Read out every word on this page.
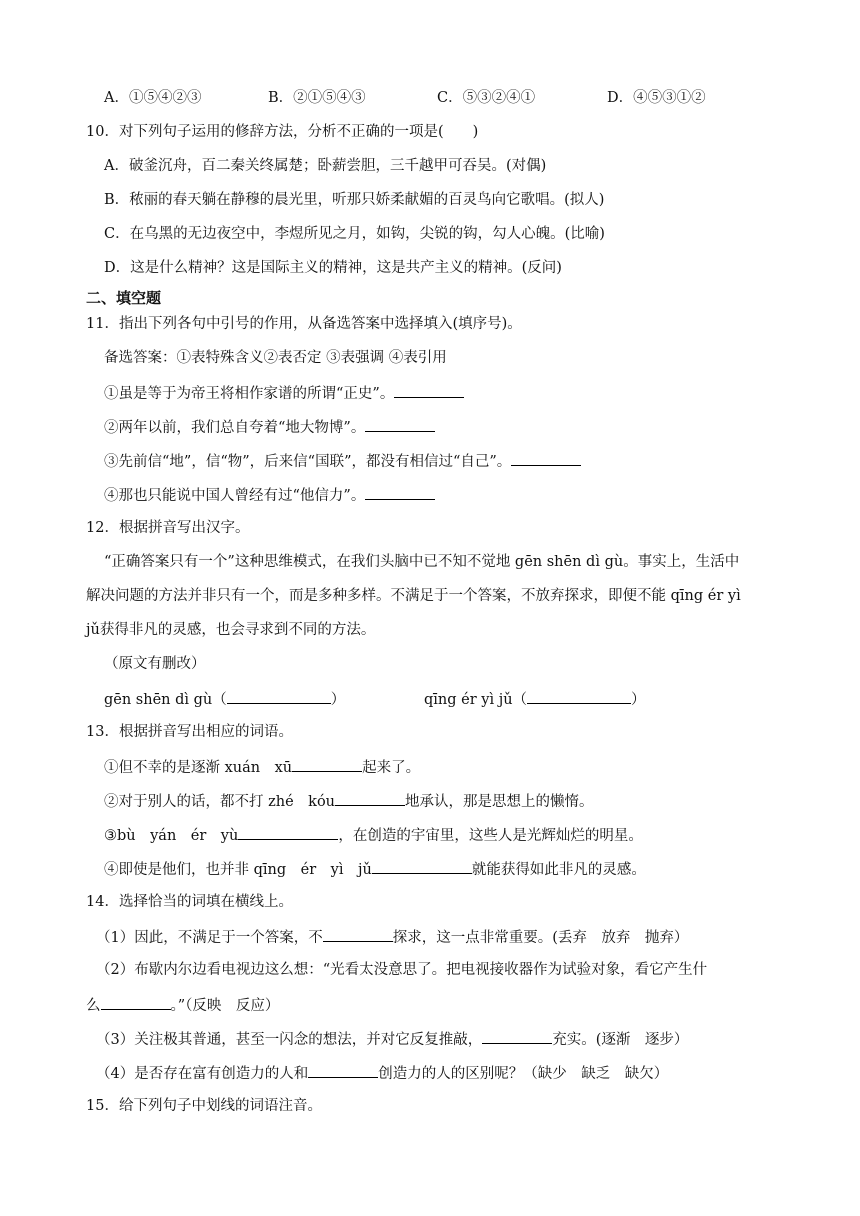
A．①⑤④②③	B．②①⑤④③	C．⑤③②④①	D．④⑤③①②
10．对下列句子运用的修辞方法，分析不正确的一项是(　　)
A．破釜沉舟，百二秦关终属楚；卧薪尝胆，三千越甲可吞吴。(对偶)
B．秾丽的春天躺在静穆的晨光里，听那只娇柔献媚的百灵鸟向它歌唱。(拟人)
C．在乌黑的无边夜空中，李煜所见之月，如钩，尖锐的钩，勾人心魄。(比喻)
D．这是什么精神？这是国际主义的精神，这是共产主义的精神。(反问)
二、填空题
11．指出下列各句中引号的作用，从备选答案中选择填入(填序号)。
备选答案：①表特殊含义②表否定 ③表强调 ④表引用
①虽是等于为帝王将相作家谱的所谓“正史”。
②两年以前，我们总自夸着“地大物博”。
③先前信“地”，信“物”，后来信“国联”，都没有相信过“自己”。
④那也只能说中国人曾经有过“他信力”。
12．根据拼音写出汉字。
“正确答案只有一个”这种思维模式，在我们头脑中已不知不觉地 gēn shēn dì gù。事实上，生活中
解决问题的方法并非只有一个，而是多种多样。不满足于一个答案，不放弃探求，即便不能 qīng ér yì
jǔ获得非凡的灵感，也会寻求到不同的方法。
（原文有删改）
gēn shēn dì gù（	）	qīng ér yì jǔ（	）
13．根据拼音写出相应的词语。
①但不幸的是逐渐 xuán　xū	起来了。
②对于别人的话，都不打 zhé　kóu	地承认，那是思想上的懒惰。
③bù　yán　ér　yù	，在创造的宇宙里，这些人是光辉灿烂的明星。
④即使是他们，也并非 qīng　ér　yì　jǔ	就能获得如此非凡的灵感。
14．选择恰当的词填在横线上。
（1）因此，不满足于一个答案，不	探求，这一点非常重要。(丢弃　放弃　抛弃）
（2）布歇内尔边看电视边这么想：“光看太没意思了。把电视接收器作为试验对象，看它产生什
么	。”（反映　反应）
（3）关注极其普通，甚至一闪念的想法，并对它反复推敲，	充实。(逐渐　逐步）
（4）是否存在富有创造力的人和	创造力的人的区别呢？（缺少　缺乏　缺欠）
15．给下列句子中划线的词语注音。
